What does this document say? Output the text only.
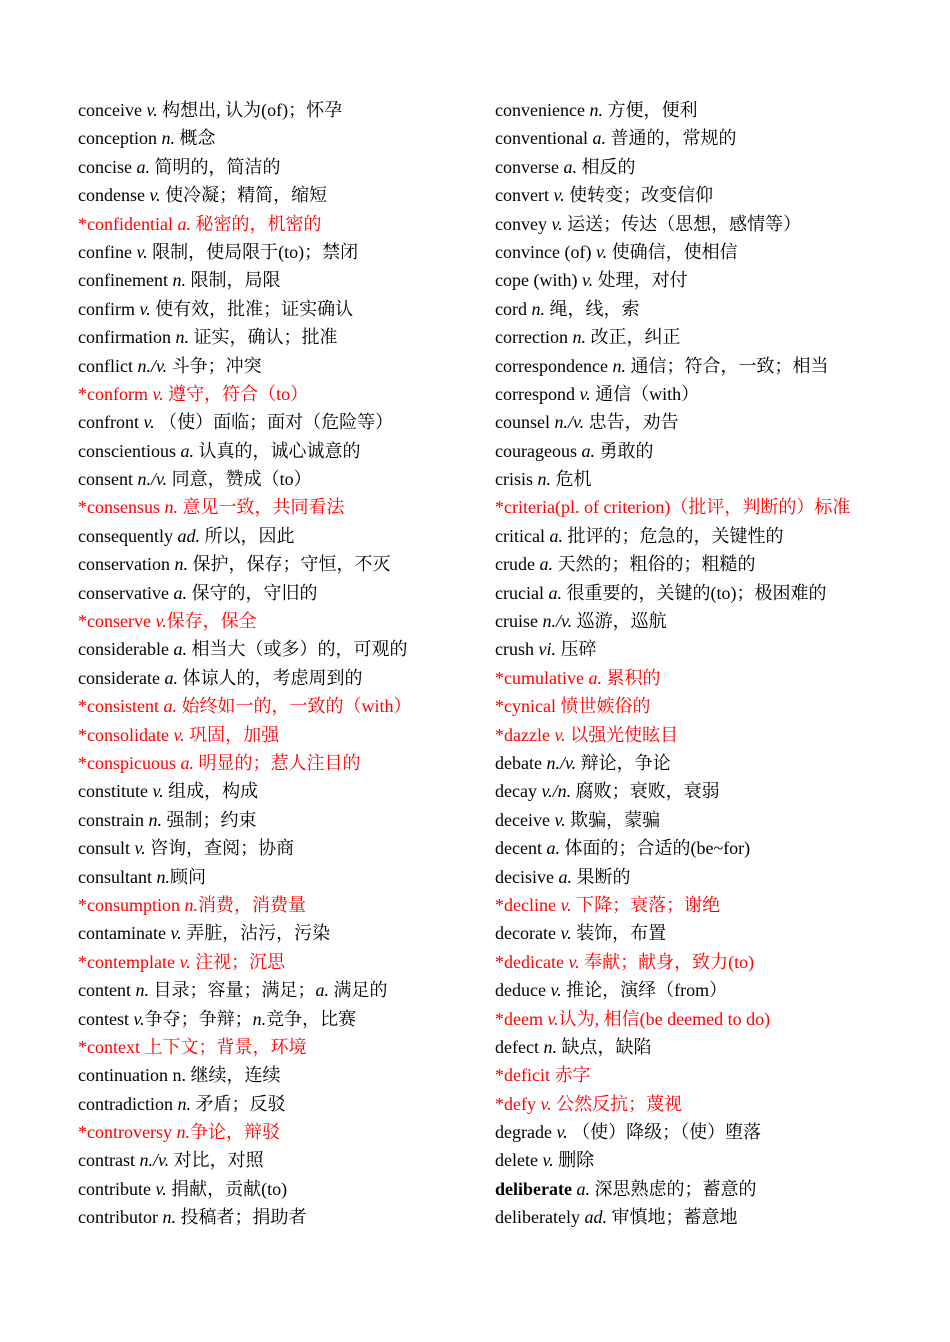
conceive v. 构想出, 认为(of)；怀孕
conception n. 概念
concise a. 简明的，简洁的
condense v. 使冷凝；精简，缩短
*confidential a. 秘密的，机密的
confine v. 限制，使局限于(to)；禁闭
confinement n. 限制，局限
confirm v. 使有效，批准；证实确认
confirmation n. 证实，确认；批准
conflict n./v. 斗争；冲突
*conform v. 遵守，符合（to）
confront v. （使）面临；面对（危险等）
conscientious a. 认真的，诚心诚意的
consent n./v. 同意，赞成（to）
*consensus n. 意见一致，共同看法
consequently ad. 所以，因此
conservation n. 保护，保存；守恒，不灭
conservative a. 保守的，守旧的
*conserve v.保存，保全
considerable a. 相当大（或多）的，可观的
considerate a. 体谅人的，考虑周到的
*consistent a. 始终如一的，一致的（with）
*consolidate v. 巩固，加强
*conspicuous a. 明显的；惹人注目的
constitute v. 组成，构成
constrain n. 强制；约束
consult v. 咨询，查阅；协商
consultant n.顾问
*consumption n.消费，消费量
contaminate v. 弄脏，沾污，污染
*contemplate v. 注视；沉思
content n. 目录；容量；满足；a. 满足的
contest v.争夺；争辩；n.竞争，比赛
*context 上下文；背景，环境
continuation n. 继续，连续
contradiction n. 矛盾；反驳
*controversy n.争论，辩驳
contrast n./v. 对比，对照
contribute v. 捐献，贡献(to)
contributor n. 投稿者；捐助者
convenience n. 方便，便利
conventional a. 普通的，常规的
converse a. 相反的
convert v. 使转变；改变信仰
convey v. 运送；传达（思想，感情等）
convince (of) v. 使确信，使相信
cope (with) v. 处理，对付
cord n. 绳，线，索
correction n. 改正，纠正
correspondence n. 通信；符合，一致；相当
correspond v. 通信（with）
counsel n./v. 忠告，劝告
courageous a. 勇敢的
crisis n. 危机
*criteria(pl. of criterion)（批评，判断的）标准
critical a. 批评的；危急的，关键性的
crude a. 天然的；粗俗的；粗糙的
crucial a. 很重要的，关键的(to)；极困难的
cruise n./v. 巡游，巡航
crush vi. 压碎
*cumulative a. 累积的
*cynical 愤世嫉俗的
*dazzle v. 以强光使眩目
debate n./v. 辩论，争论
decay v./n. 腐败；衰败，衰弱
deceive v. 欺骗，蒙骗
decent a. 体面的；合适的(be~for)
decisive a. 果断的
*decline v. 下降；衰落；谢绝
decorate v. 装饰，布置
*dedicate v. 奉献；献身，致力(to)
deduce v. 推论，演绎（from）
*deem v.认为, 相信(be deemed to do)
defect n. 缺点，缺陷
*deficit 赤字
*defy v. 公然反抗；蔑视
degrade v. （使）降级；（使）堕落
delete v. 删除
deliberate a. 深思熟虑的；蓄意的
deliberately ad. 审慎地；蓄意地
